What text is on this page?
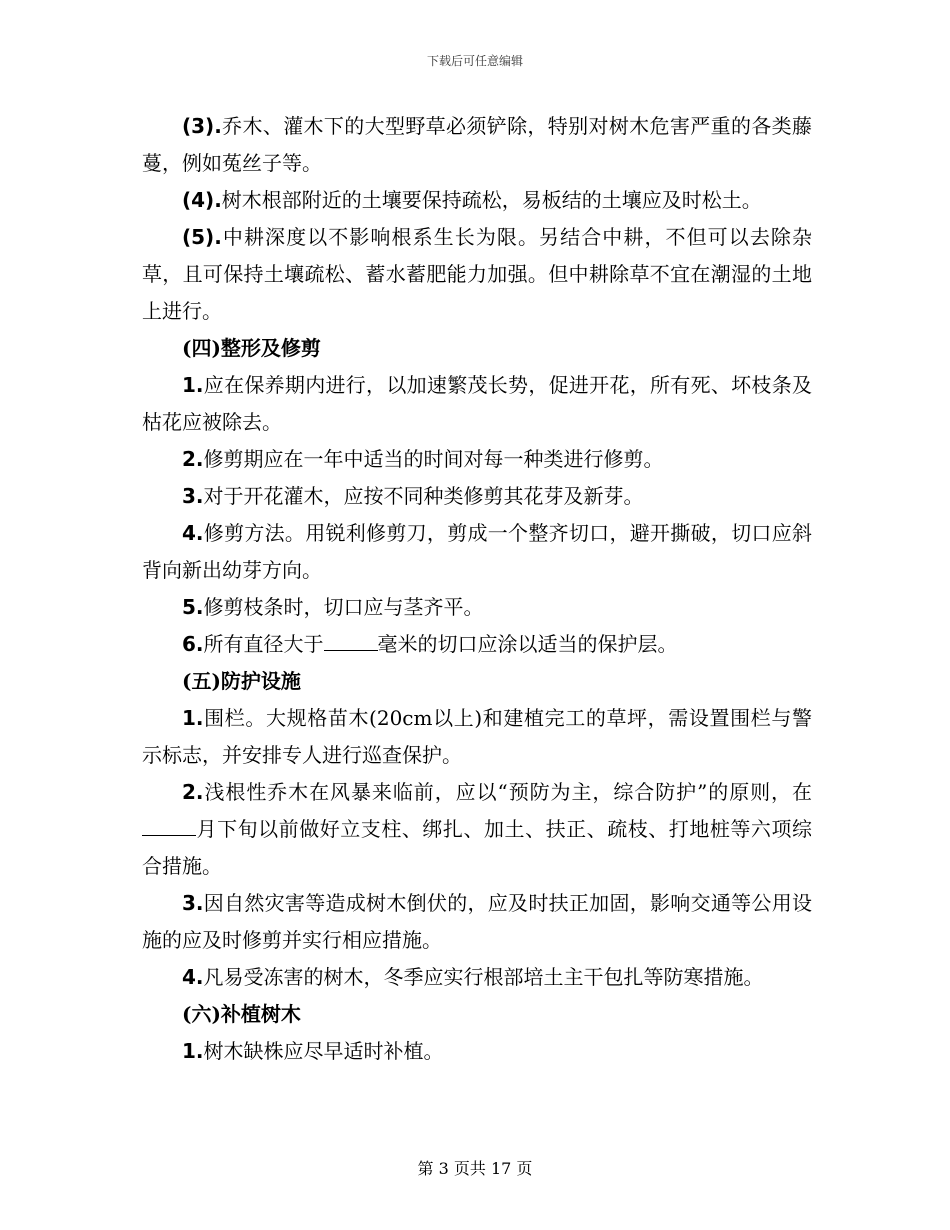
下载后可任意编辑

(3).乔木、灌木下的大型野草必须铲除，特别对树木危害严重的各类藤蔓，例如菟丝子等。

(4).树木根部附近的土壤要保持疏松，易板结的土壤应及时松土。

(5).中耕深度以不影响根系生长为限。另结合中耕，不但可以去除杂草，且可保持土壤疏松、蓄水蓄肥能力加强。但中耕除草不宜在潮湿的土地上进行。

(四)整形及修剪

1.应在保养期内进行，以加速繁茂长势，促进开花，所有死、坏枝条及枯花应被除去。

2.修剪期应在一年中适当的时间对每一种类进行修剪。

3.对于开花灌木，应按不同种类修剪其花芽及新芽。

4.修剪方法。用锐利修剪刀，剪成一个整齐切口，避开撕破，切口应斜背向新出幼芽方向。

5.修剪枝条时，切口应与茎齐平。

6.所有直径大于	毫米的切口应涂以适当的保护层。

(五)防护设施

1.围栏。大规格苗木(20cm以上)和建植完工的草坪，需设置围栏与警示标志，并安排专人进行巡查保护。

2.浅根性乔木在风暴来临前，应以“预防为主，综合防护”的原则，在月下旬以前做好立支柱、绑扎、加土、扶正、疏枝、打地桩等六项综合措施。

3.因自然灾害等造成树木倒伏的，应及时扶正加固，影响交通等公用设施的应及时修剪并实行相应措施。

4.凡易受冻害的树木，冬季应实行根部培土主干包扎等防寒措施。

(六)补植树木

1.树木缺株应尽早适时补植。

第 3 页共 17 页
